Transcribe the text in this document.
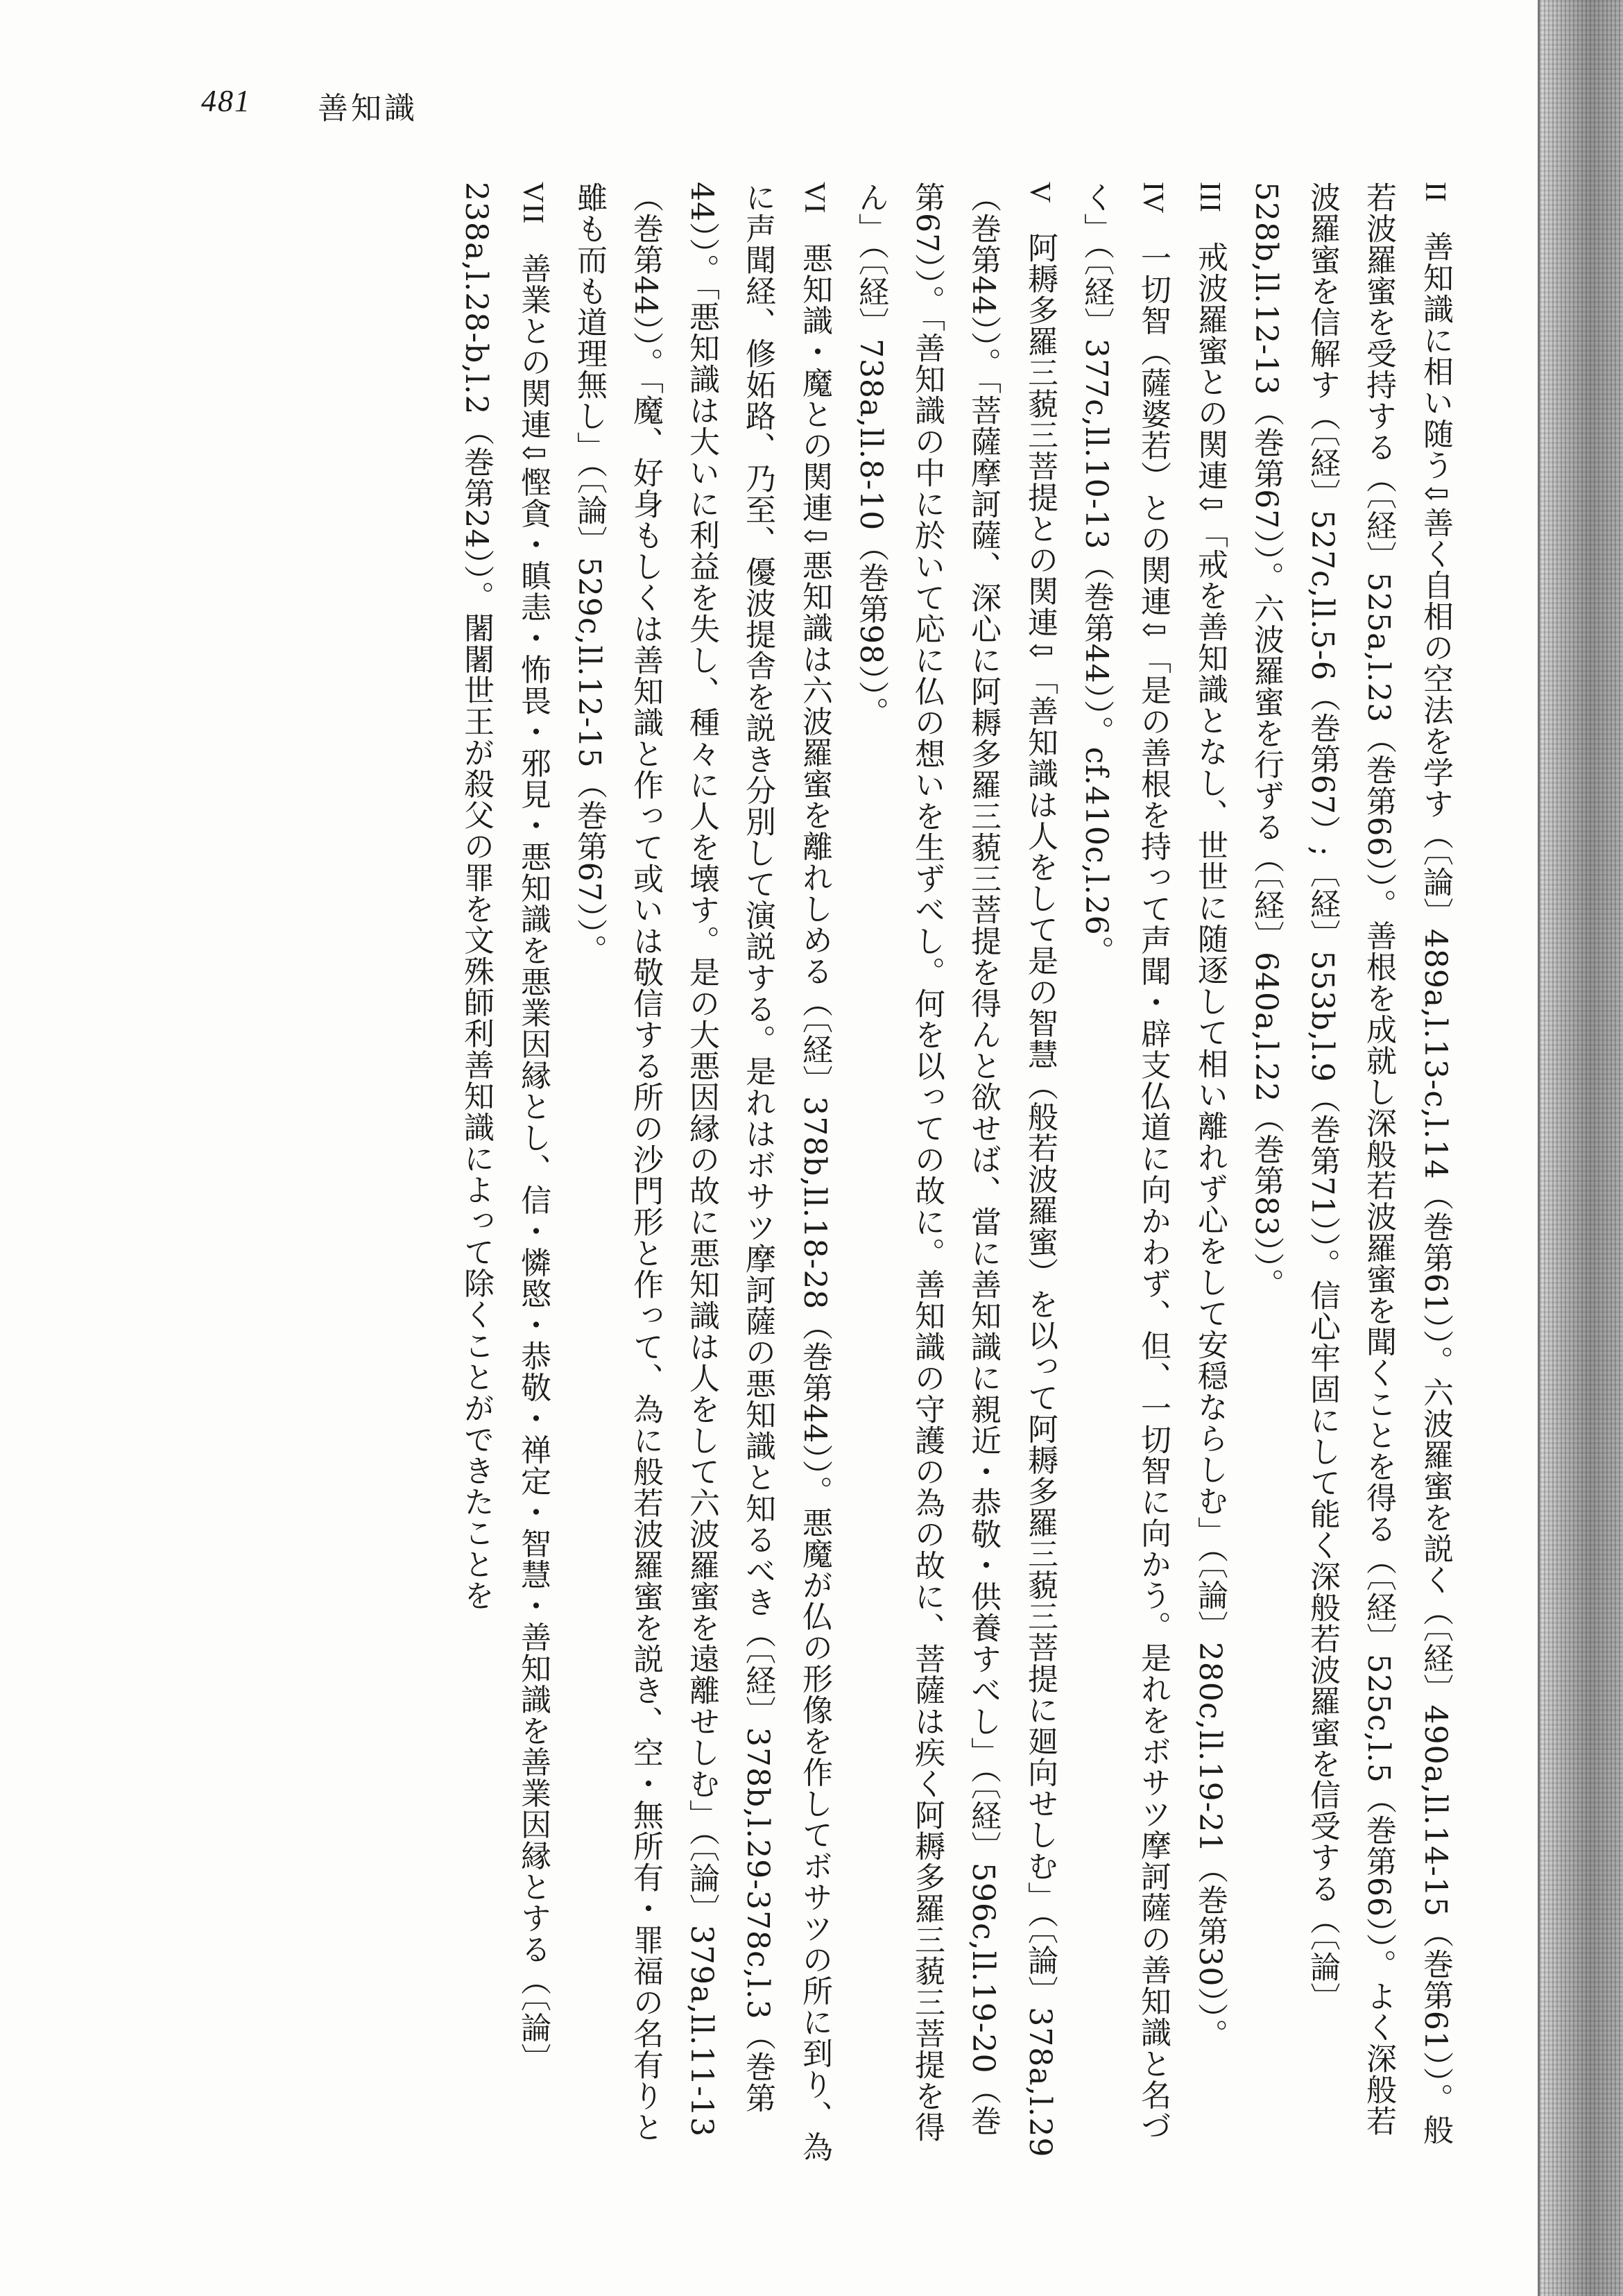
481 善知識
II 善知識に相い随う⇩善く自相の空法を学す（〔論〕489a,l.13-c,l.14（巻第61））。六波羅蜜を説く（〔経〕490a,ll.14-15（巻第61））。般若波羅蜜を受持する（〔経〕525a,l.23（巻第66））。善根を成就し深般若波羅蜜を聞くことを得る（〔経〕525c,l.5（巻第66））。よく深般若波羅蜜を信解す（〔経〕527c,ll.5-6（巻第67）;〔経〕553b,l.9（巻第71））。信心牢固にして能く深般若波羅蜜を信受する（〔論〕528b,ll.12-13（巻第67））。六波羅蜜を行ずる（〔経〕640a,l.22（巻第83））。
III 戒波羅蜜との関連⇩「戒を善知識となし、世世に随逐して相い離れず心をして安穏ならしむ」（〔論〕280c,ll.19-21（巻第30））。
IV 一切智（薩婆若）との関連⇩「是の善根を持って声聞・辟支仏道に向かわず、但、一切智に向かう。是れをボサツ摩訶薩の善知識と名づく」（〔経〕377c,ll.10-13（巻第44））。cf.410c,l.26。
V 阿耨多羅三藐三菩提との関連⇩「善知識は人をして是の智慧（般若波羅蜜）を以って阿耨多羅三藐三菩提に廻向せしむ」（〔論〕378a,l.29（巻第44））。「菩薩摩訶薩、深心に阿耨多羅三藐三菩提を得んと欲せば、當に善知識に親近・恭敬・供養すべし」（〔経〕596c,ll.19-20（巻第67））。「善知識の中に於いて応に仏の想いを生ずべし。何を以っての故に。善知識の守護の為の故に、菩薩は疾く阿耨多羅三藐三菩提を得ん」（〔経〕738a,ll.8-10（巻第98））。
VI 悪知識・魔との関連⇩悪知識は六波羅蜜を離れしめる（〔経〕378b,ll.18-28（巻第44））。悪魔が仏の形像を作してボサツの所に到り、為に声聞経、修妬路、乃至、優波提舎を説き分別して演説する。是れはボサツ摩訶薩の悪知識と知るべき（〔経〕378b,l.29-378c,l.3（巻第44））。「悪知識は大いに利益を失し、種々に人を壊す。是の大悪因縁の故に悪知識は人をして六波羅蜜を遠離せしむ」（〔論〕379a,ll.11-13（巻第44））。「魔、好身もしくは善知識と作って或いは敬信する所の沙門形と作って、為に般若波羅蜜を説き、空・無所有・罪福の名有りと雖も而も道理無し」（〔論〕529c,ll.12-15（巻第67））。
VII 善業との関連⇩慳貪・瞋恚・怖畏・邪見・悪知識を悪業因縁とし、信・憐愍・恭敬・禅定・智慧・善知識を善業因縁とする（〔論〕238a,l.28-b,l.2（巻第24））。闍闍世王が殺父の罪を文殊師利善知識によって除くことができたことを
